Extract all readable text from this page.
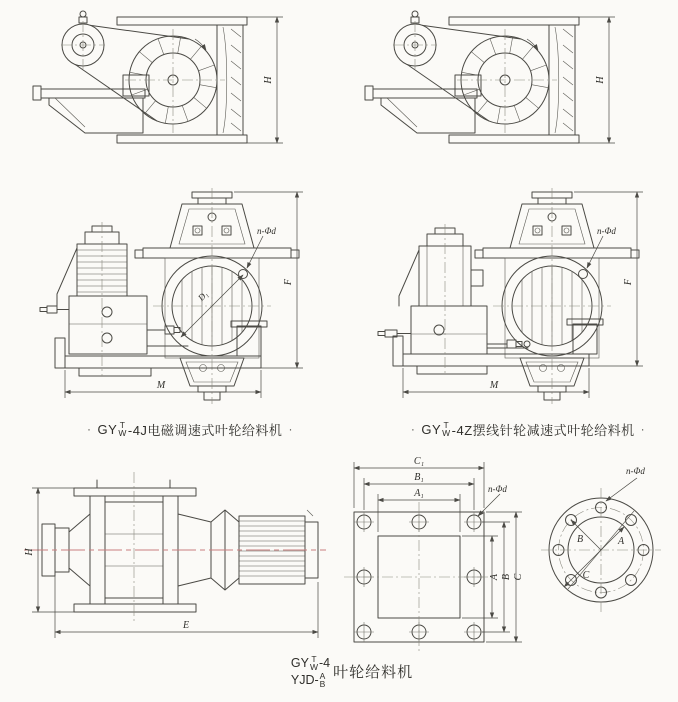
n-Φd
D₁
F
M
n-Φd
F
M
· GY T
W -4J电磁调速式叶轮给料机 ·	· GY T
W -4Z摆线针轮减速式叶轮给料机 ·
H
E
A₁
B₁
C₁
A B C
n-Φd
A
B
C
n-Φd
GY T
W -4
YJD- A
B
叶轮给料机
